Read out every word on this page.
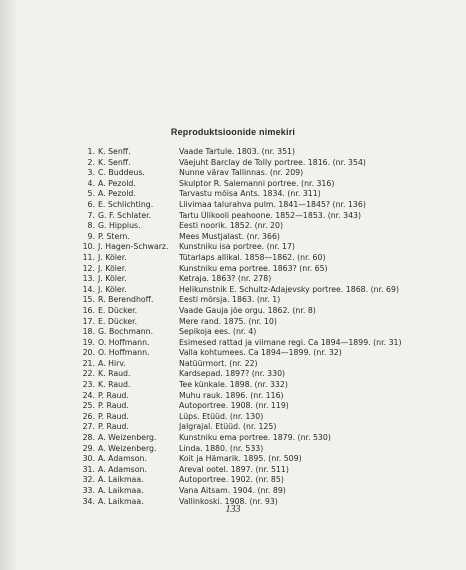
Reproduktsioonide nimekiri
1. K. Senff.	Vaade Tartule. 1803. (nr. 351)
2. K. Senff.	Väejuht Barclay de Tolly portree. 1816. (nr. 354)
3. C. Buddeus.	Nunne värav Tallinnas. (nr. 209)
4. A. Pezold.	Skulptor R. Salemanni portree. (nr. 316)
5. A. Pezold.	Tarvastu mõisa Ants. 1834. (nr. 311)
6. E. Schlichting.	Liivimaa talurahva pulm. 1841—1845? (nr. 136)
7. G. F. Schlater.	Tartu Ülikooli peahoone. 1852—1853. (nr. 343)
8. G. Hippius.	Eesti noorik. 1852. (nr. 20)
9. P. Stern.	Mees Mustjalast. (nr. 366)
10. J. Hagen-Schwarz.	Kunstniku isa portree. (nr. 17)
11. J. Köler.	Tütarlaps allikal. 1858—1862. (nr. 60)
12. J. Köler.	Kunstniku ema portree. 1863? (nr. 65)
13. J. Köler.	Ketraja. 1863? (nr. 278)
14. J. Köler.	Helikunstnik E. Schultz-Adajevsky portree. 1868. (nr. 69)
15. R. Berendhoff.	Eesti mõrsja. 1863. (nr. 1)
16. E. Dücker.	Vaade Gauja jõe orgu. 1862. (nr. 8)
17. E. Dücker.	Mere rand. 1875. (nr. 10)
18. G. Bochmann.	Sepikoja ees. (nr. 4)
19. O. Hoffmann.	Esimesed rattad ja viimane regi. Ca 1894—1899. (nr. 31)
20. O. Hoffmann.	Valla kohtumees. Ca 1894—1899. (nr. 32)
21. A. Hirv.	Natüürmort. (nr. 22)
22. K. Raud.	Kardsepad. 1897? (nr. 330)
23. K. Raud.	Tee künkale. 1898. (nr. 332)
24. P. Raud.	Muhu rauk. 1896. (nr. 116)
25. P. Raud.	Autoportree. 1908. (nr. 119)
26. P. Raud.	Lüps. Etüüd. (nr. 130)
27. P. Raud.	Jalgrajal. Etüüd. (nr. 125)
28. A. Weizenberg.	Kunstniku ema portree. 1879. (nr. 530)
29. A. Weizenberg.	Linda. 1880. (nr. 533)
30. A. Adamson.	Koit ja Hämarik. 1895. (nr. 509)
31. A. Adamson.	Areval ootel. 1897. (nr. 511)
32. A. Laikmaa.	Autoportree. 1902. (nr. 85)
33. A. Laikmaa.	Vana Aitsam. 1904. (nr. 89)
34. A. Laikmaa.	Vallinkoski. 1908. (nr. 93)
133
